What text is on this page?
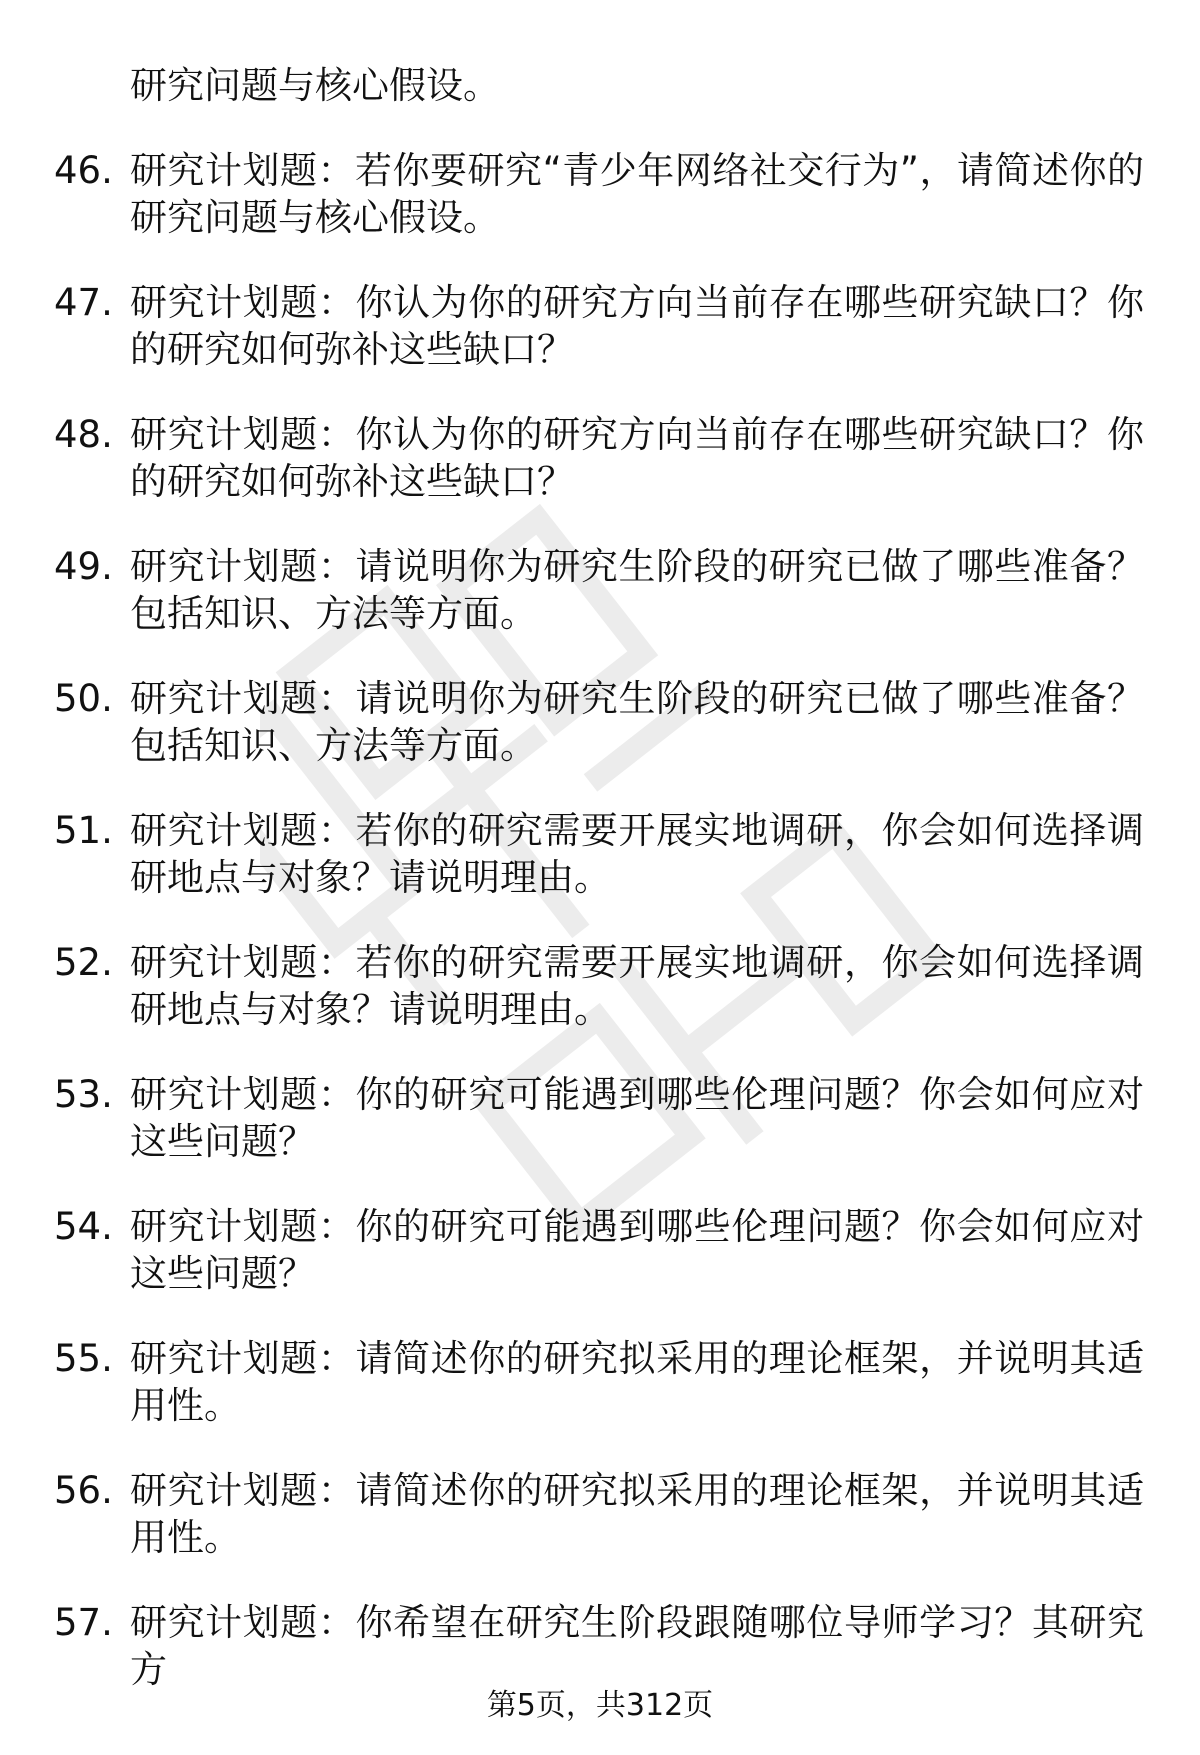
研究问题与核心假设。
46. 研究计划题：若你要研究“青少年网络社交行为”，请简述你的研究问题与核心假设。
47. 研究计划题：你认为你的研究方向当前存在哪些研究缺口？你的研究如何弥补这些缺口？
48. 研究计划题：你认为你的研究方向当前存在哪些研究缺口？你的研究如何弥补这些缺口？
49. 研究计划题：请说明你为研究生阶段的研究已做了哪些准备？包括知识、方法等方面。
50. 研究计划题：请说明你为研究生阶段的研究已做了哪些准备？包括知识、方法等方面。
51. 研究计划题：若你的研究需要开展实地调研，你会如何选择调研地点与对象？请说明理由。
52. 研究计划题：若你的研究需要开展实地调研，你会如何选择调研地点与对象？请说明理由。
53. 研究计划题：你的研究可能遇到哪些伦理问题？你会如何应对这些问题？
54. 研究计划题：你的研究可能遇到哪些伦理问题？你会如何应对这些问题？
55. 研究计划题：请简述你的研究拟采用的理论框架，并说明其适用性。
56. 研究计划题：请简述你的研究拟采用的理论框架，并说明其适用性。
57. 研究计划题：你希望在研究生阶段跟随哪位导师学习？其研究方
第5页，共312页
